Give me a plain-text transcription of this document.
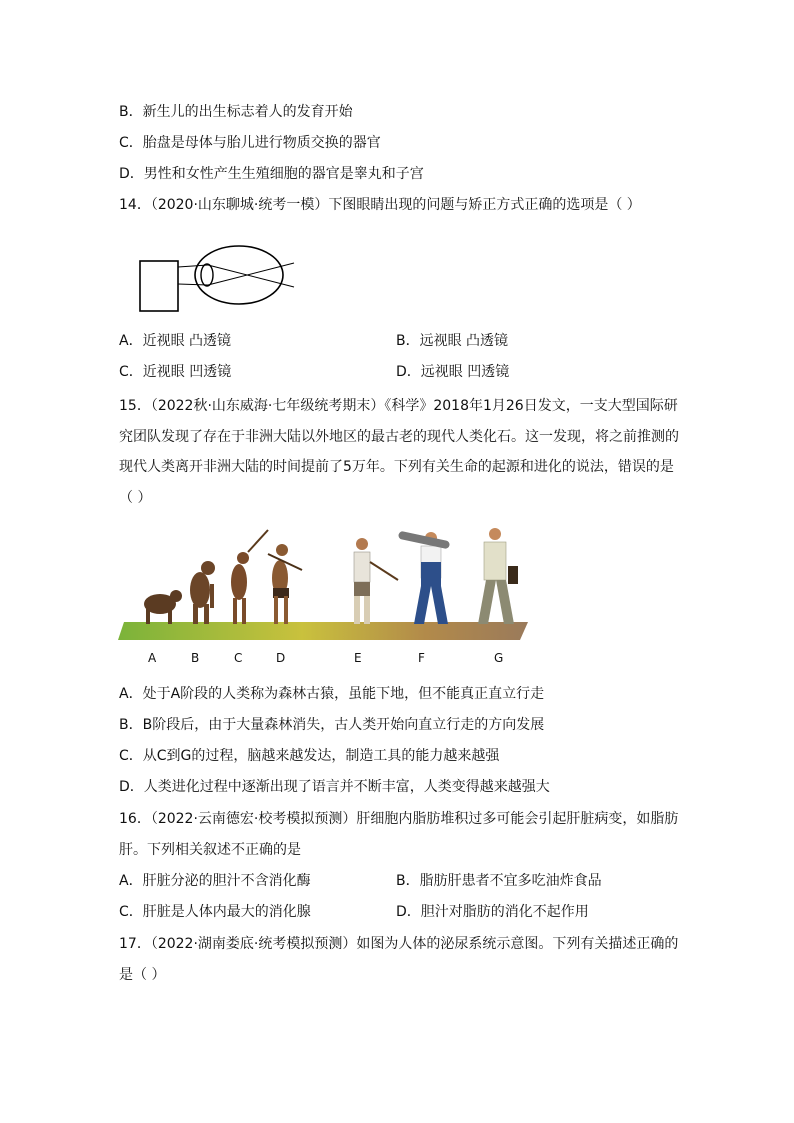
B．新生儿的出生标志着人的发育开始
C．胎盘是母体与胎儿进行物质交换的器官
D．男性和女性产生生殖细胞的器官是睾丸和子宫
14．（2020·山东聊城·统考一模）下图眼睛出现的问题与矫正方式正确的选项是（ ）
A．近视眼 凸透镜	B．远视眼 凸透镜
C．近视眼 凹透镜	D．远视眼 凹透镜
15．（2022秋·山东威海·七年级统考期末）《科学》2018年1月26日发文，一支大型国际研
究团队发现了存在于非洲大陆以外地区的最古老的现代人类化石。这一发现，将之前推测的
现代人类离开非洲大陆的时间提前了5万年。下列有关生命的起源和进化的说法，错误的是
（ ）
A	B	C	D	E	F	G
A．处于A阶段的人类称为森林古猿，虽能下地，但不能真正直立行走
B．B阶段后，由于大量森林消失，古人类开始向直立行走的方向发展
C．从C到G的过程，脑越来越发达，制造工具的能力越来越强
D．人类进化过程中逐渐出现了语言并不断丰富，人类变得越来越强大
16．（2022·云南德宏·校考模拟预测）肝细胞内脂肪堆积过多可能会引起肝脏病变，如脂肪
肝。下列相关叙述不正确的是
A．肝脏分泌的胆汁不含消化酶	B．脂肪肝患者不宜多吃油炸食品
C．肝脏是人体内最大的消化腺	D．胆汁对脂肪的消化不起作用
17．（2022·湖南娄底·统考模拟预测）如图为人体的泌尿系统示意图。下列有关描述正确的
是（ ）
